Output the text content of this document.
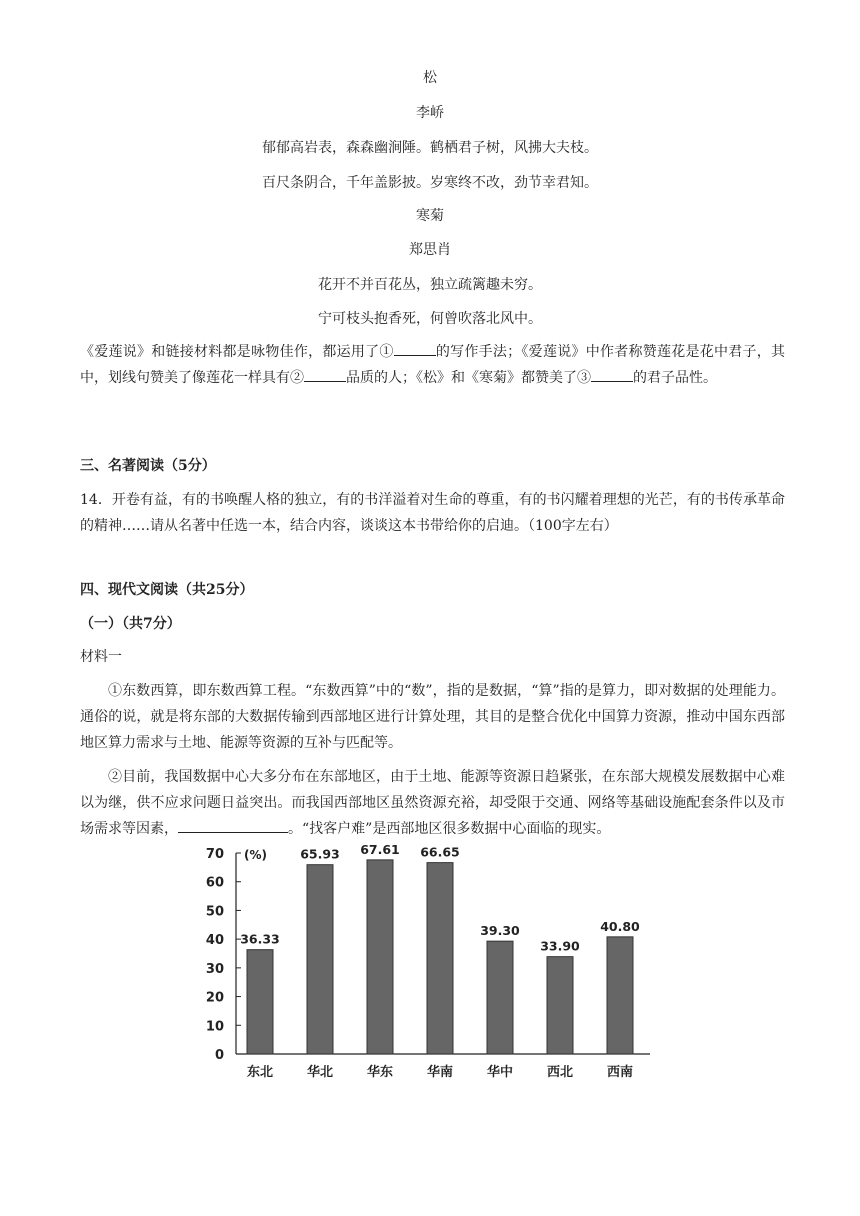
松
李峤
郁郁高岩表，森森幽涧陲。鹤栖君子树，风拂大夫枝。
百尺条阴合，千年盖影披。岁寒终不改，劲节幸君知。
寒菊
郑思肖
花开不并百花丛，独立疏篱趣未穷。
宁可枝头抱香死，何曾吹落北风中。
《爱莲说》和链接材料都是咏物佳作，都运用了①	的写作手法；《爱莲说》中作者称赞莲花是花中君子，其中，划线句赞美了像莲花一样具有②	品质的人；《松》和《寒菊》都赞美了③	的君子品性。
三、名著阅读（5分）
14．开卷有益，有的书唤醒人格的独立，有的书洋溢着对生命的尊重，有的书闪耀着理想的光芒，有的书传承革命的精神……请从名著中任选一本，结合内容，谈谈这本书带给你的启迪。（100字左右）
四、现代文阅读（共25分）
（一）（共7分）
材料一
①东数西算，即东数西算工程。“东数西算”中的“数”，指的是数据，“算”指的是算力，即对数据的处理能力。通俗的说，就是将东部的大数据传输到西部地区进行计算处理，其目的是整合优化中国算力资源，推动中国东西部地区算力需求与土地、能源等资源的互补与匹配等。
②目前，我国数据中心大多分布在东部地区，由于土地、能源等资源日趋紧张，在东部大规模发展数据中心难以为继，供不应求问题日益突出。而我国西部地区虽然资源充裕，却受限于交通、网络等基础设施配套条件以及市场需求等因素，	。“找客户难”是西部地区很多数据中心面临的现实。
0
10
20
30
40
50
60
70 (%)
36.33
东北
65.93
华北
67.61
华东
66.65
华南
39.30
华中
33.90
西北
40.80
西南
